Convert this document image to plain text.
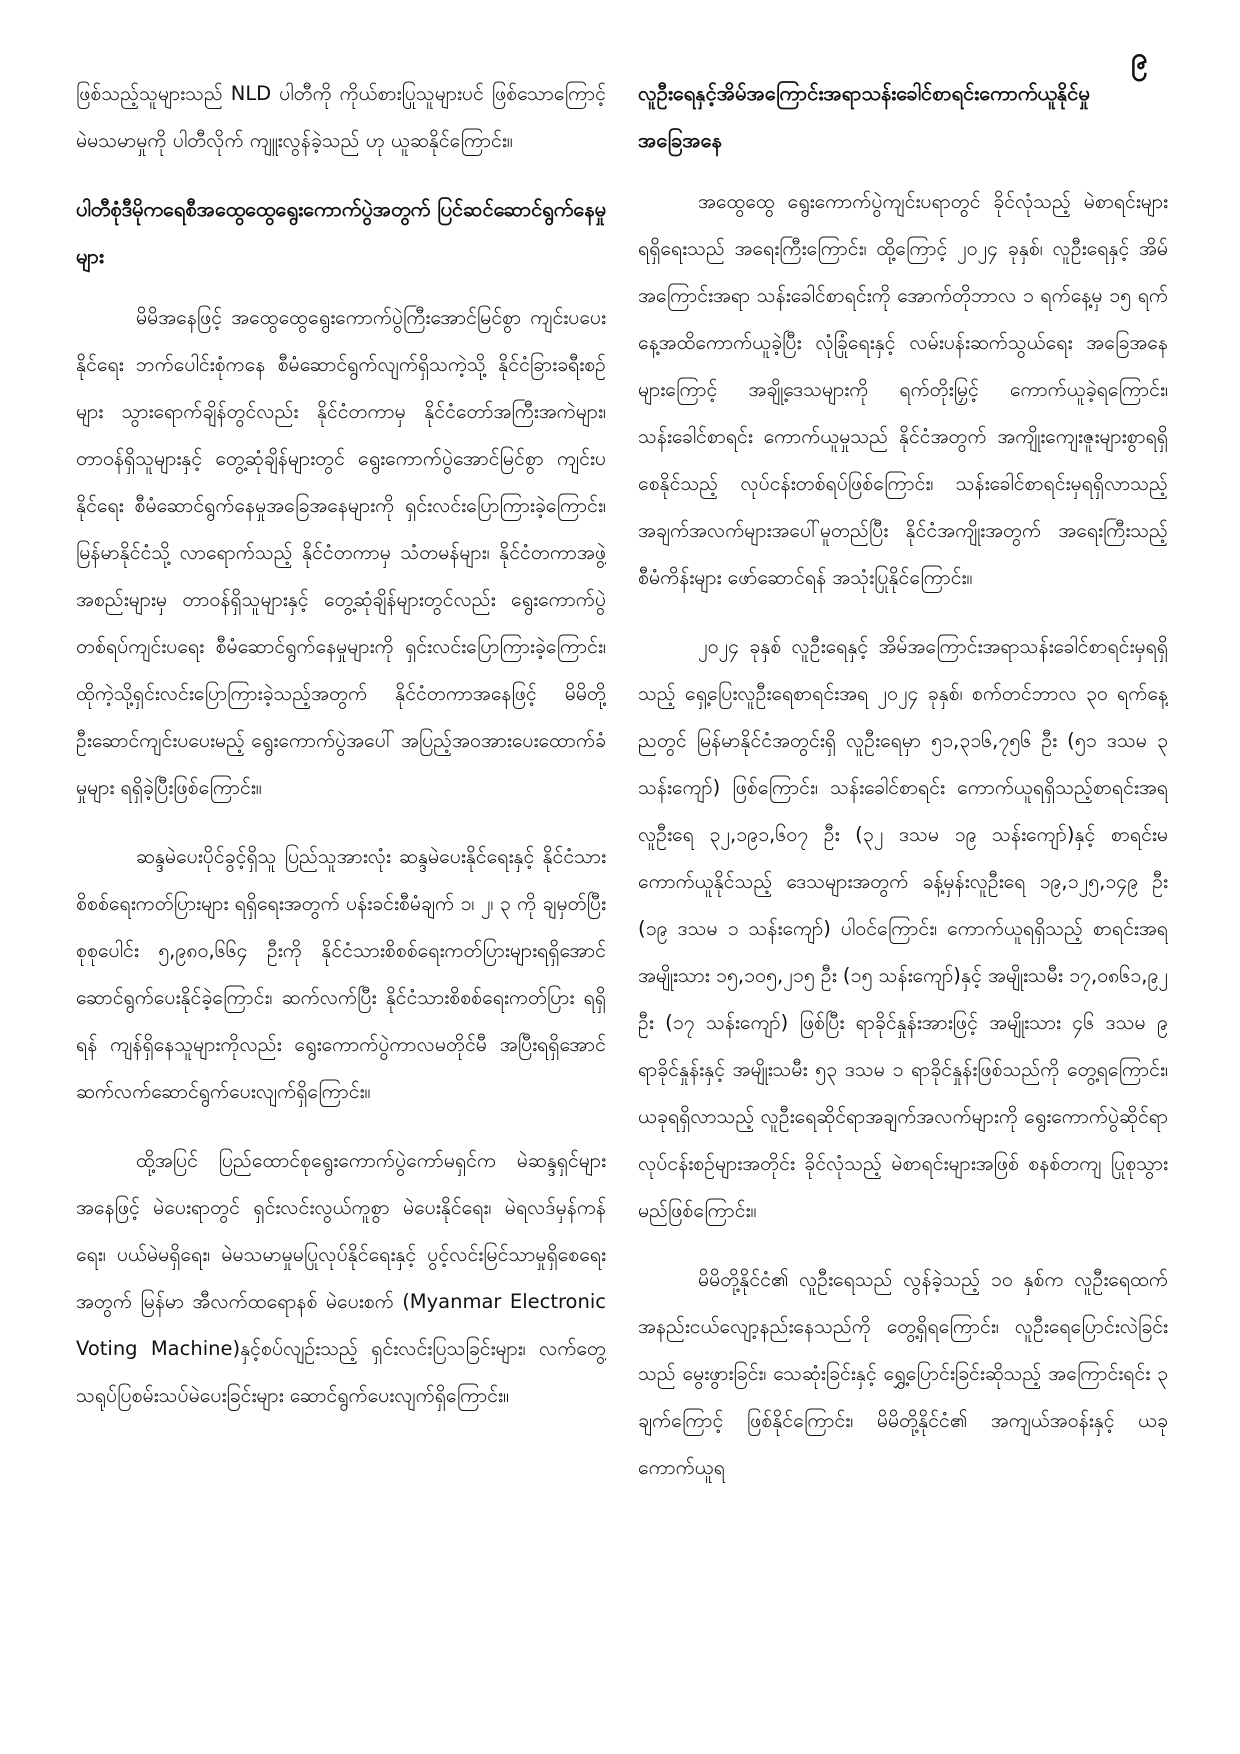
၉

ဖြစ်သည့်သူများသည် NLD ပါတီကို ကိုယ်စားပြုသူများပင် ဖြစ်သောကြောင့် မဲမသမာမှုကို ပါတီလိုက် ကျူးလွန်ခဲ့သည် ဟု ယူဆနိုင်ကြောင်း။

ပါတီစုံဒီမိုကရေစီအထွေထွေရွေးကောက်ပွဲအတွက် ပြင်ဆင်ဆောင်ရွက်နေမှုများ

မိမိအနေဖြင့် အထွေထွေရွေးကောက်ပွဲကြီးအောင်မြင်စွာ ကျင်းပပေးနိုင်ရေး ဘက်ပေါင်းစုံကနေ စီမံဆောင်ရွက်လျက်ရှိသကဲ့သို့ နိုင်ငံခြားခရီးစဉ်များ သွားရောက်ချိန်တွင်လည်း နိုင်ငံတကာမှ နိုင်ငံတော်အကြီးအကဲများ၊ တာဝန်ရှိသူများနှင့် တွေ့ဆုံချိန်များတွင် ရွေးကောက်ပွဲအောင်မြင်စွာ ကျင်းပနိုင်ရေး စီမံဆောင်ရွက်နေမှုအခြေအနေများကို ရှင်းလင်းပြောကြားခဲ့ကြောင်း၊ မြန်မာနိုင်ငံသို့ လာရောက်သည့် နိုင်ငံတကာမှ သံတမန်များ၊ နိုင်ငံတကာအဖွဲ့အစည်းများမှ တာဝန်ရှိသူများနှင့် တွေ့ဆုံချိန်များတွင်လည်း ရွေးကောက်ပွဲတစ်ရပ်ကျင်းပရေး စီမံဆောင်ရွက်နေမှုများကို ရှင်းလင်းပြောကြားခဲ့ကြောင်း၊ ထိုကဲ့သို့ရှင်းလင်းပြောကြားခဲ့သည့်အတွက် နိုင်ငံတကာအနေဖြင့် မိမိတို့ ဦးဆောင်ကျင်းပပေးမည့် ရွေးကောက်ပွဲအပေါ် အပြည့်အဝအားပေးထောက်ခံမှုများ ရရှိခဲ့ပြီးဖြစ်ကြောင်း။

ဆန္ဒမဲပေးပိုင်ခွင့်ရှိသူ ပြည်သူအားလုံး ဆန္ဒမဲပေးနိုင်ရေးနှင့် နိုင်ငံသားစိစစ်ရေးကတ်ပြားများ ရရှိရေးအတွက် ပန်းခင်းစီမံချက် ၁၊ ၂၊ ၃ ကို ချမှတ်ပြီး စုစုပေါင်း ၅,၉၈၀,၆၆၄ ဦးကို နိုင်ငံသားစိစစ်ရေးကတ်ပြားများရရှိအောင် ဆောင်ရွက်ပေးနိုင်ခဲ့ကြောင်း၊ ဆက်လက်ပြီး နိုင်ငံသားစိစစ်ရေးကတ်ပြား ရရှိရန် ကျန်ရှိနေသူများကိုလည်း ရွေးကောက်ပွဲကာလမတိုင်မီ အပြီးရရှိအောင် ဆက်လက်ဆောင်ရွက်ပေးလျက်ရှိကြောင်း။

ထို့အပြင် ပြည်ထောင်စုရွေးကောက်ပွဲကော်မရှင်က မဲဆန္ဒရှင်များအနေဖြင့် မဲပေးရာတွင် ရှင်းလင်းလွယ်ကူစွာ မဲပေးနိုင်ရေး၊ မဲရလဒ်မှန်ကန်ရေး၊ ပယ်မဲမရှိရေး၊ မဲမသမာမှုမပြုလုပ်နိုင်ရေးနှင့် ပွင့်လင်းမြင်သာမှုရှိစေရေးအတွက် မြန်မာ အီလက်ထရောနစ် မဲပေးစက် (Myanmar Electronic Voting Machine)နှင့်စပ်လျဉ်းသည့် ရှင်းလင်းပြသခြင်းများ၊ လက်တွေ့သရုပ်ပြစမ်းသပ်မဲပေးခြင်းများ ဆောင်ရွက်ပေးလျက်ရှိကြောင်း။

လူဦးရေနှင့်အိမ်အကြောင်းအရာသန်းခေါင်စာရင်းကောက်ယူနိုင်မှုအခြေအနေ

အထွေထွေ ရွေးကောက်ပွဲကျင်းပရာတွင် ခိုင်လုံသည့် မဲစာရင်းများရရှိရေးသည် အရေးကြီးကြောင်း၊ ထို့ကြောင့် ၂၀၂၄ ခုနှစ်၊ လူဦးရေနှင့် အိမ်အကြောင်းအရာ သန်းခေါင်စာရင်းကို အောက်တိုဘာလ ၁ ရက်နေ့မှ ၁၅ ရက်နေ့အထိကောက်ယူခဲ့ပြီး လုံခြုံရေးနှင့် လမ်းပန်းဆက်သွယ်ရေး အခြေအနေများကြောင့် အချို့ဒေသများကို ရက်တိုးမြှင့် ကောက်ယူခဲ့ရကြောင်း၊ သန်းခေါင်စာရင်း ကောက်ယူမှုသည် နိုင်ငံအတွက် အကျိုးကျေးဇူးများစွာရရှိစေနိုင်သည့် လုပ်ငန်းတစ်ရပ်ဖြစ်ကြောင်း၊ သန်းခေါင်စာရင်းမှရရှိလာသည့် အချက်အလက်များအပေါ်မူတည်ပြီး နိုင်ငံအကျိုးအတွက် အရေးကြီးသည့်စီမံကိန်းများ ဖော်ဆောင်ရန် အသုံးပြုနိုင်ကြောင်း။

၂၀၂၄ ခုနှစ် လူဦးရေနှင့် အိမ်အကြောင်းအရာသန်းခေါင်စာရင်းမှရရှိသည့် ရှေ့ပြေးလူဦးရေစာရင်းအရ ၂၀၂၄ ခုနှစ်၊ စက်တင်ဘာလ ၃၀ ရက်နေ့ညတွင် မြန်မာနိုင်ငံအတွင်းရှိ လူဦးရေမှာ ၅၁,၃၁၆,၇၅၆ ဦး (၅၁ ဒသမ ၃ သန်းကျော်) ဖြစ်ကြောင်း၊ သန်းခေါင်စာရင်း ကောက်ယူရရှိသည့်စာရင်းအရ လူဦးရေ ၃၂,၁၉၁,၆၀၇ ဦး (၃၂ ဒသမ ၁၉ သန်းကျော်)နှင့် စာရင်းမကောက်ယူနိုင်သည့် ဒေသများအတွက် ခန့်မှန်းလူဦးရေ ၁၉,၁၂၅,၁၄၉ ဦး (၁၉ ဒသမ ၁ သန်းကျော်) ပါဝင်ကြောင်း၊ ကောက်ယူရရှိသည့် စာရင်းအရ အမျိုးသား ၁၅,၁၀၅,၂၁၅ ဦး (၁၅ သန်းကျော်)နှင့် အမျိုးသမီး ၁၇,၀၈၆၁,၉၂ ဦး (၁၇ သန်းကျော်) ဖြစ်ပြီး ရာခိုင်နှုန်းအားဖြင့် အမျိုးသား ၄၆ ဒသမ ၉ ရာခိုင်နှုန်းနှင့် အမျိုးသမီး ၅၃ ဒသမ ၁ ရာခိုင်နှုန်းဖြစ်သည်ကို တွေ့ရကြောင်း၊ ယခုရရှိလာသည့် လူဦးရေဆိုင်ရာအချက်အလက်များကို ရွေးကောက်ပွဲဆိုင်ရာ လုပ်ငန်းစဉ်များအတိုင်း ခိုင်လုံသည့် မဲစာရင်းများအဖြစ် စနစ်တကျ ပြုစုသွားမည်ဖြစ်ကြောင်း။

မိမိတို့နိုင်ငံ၏ လူဦးရေသည် လွန်ခဲ့သည့် ၁၀ နှစ်က လူဦးရေထက် အနည်းငယ်လျော့နည်းနေသည်ကို တွေ့ရှိရကြောင်း၊ လူဦးရေပြောင်းလဲခြင်းသည် မွေးဖွားခြင်း၊ သေဆုံးခြင်းနှင့် ရွှေ့ပြောင်းခြင်းဆိုသည့် အကြောင်းရင်း ၃ ချက်ကြောင့် ဖြစ်နိုင်ကြောင်း၊ မိမိတို့နိုင်ငံ၏ အကျယ်အဝန်းနှင့် ယခုကောက်ယူရ
